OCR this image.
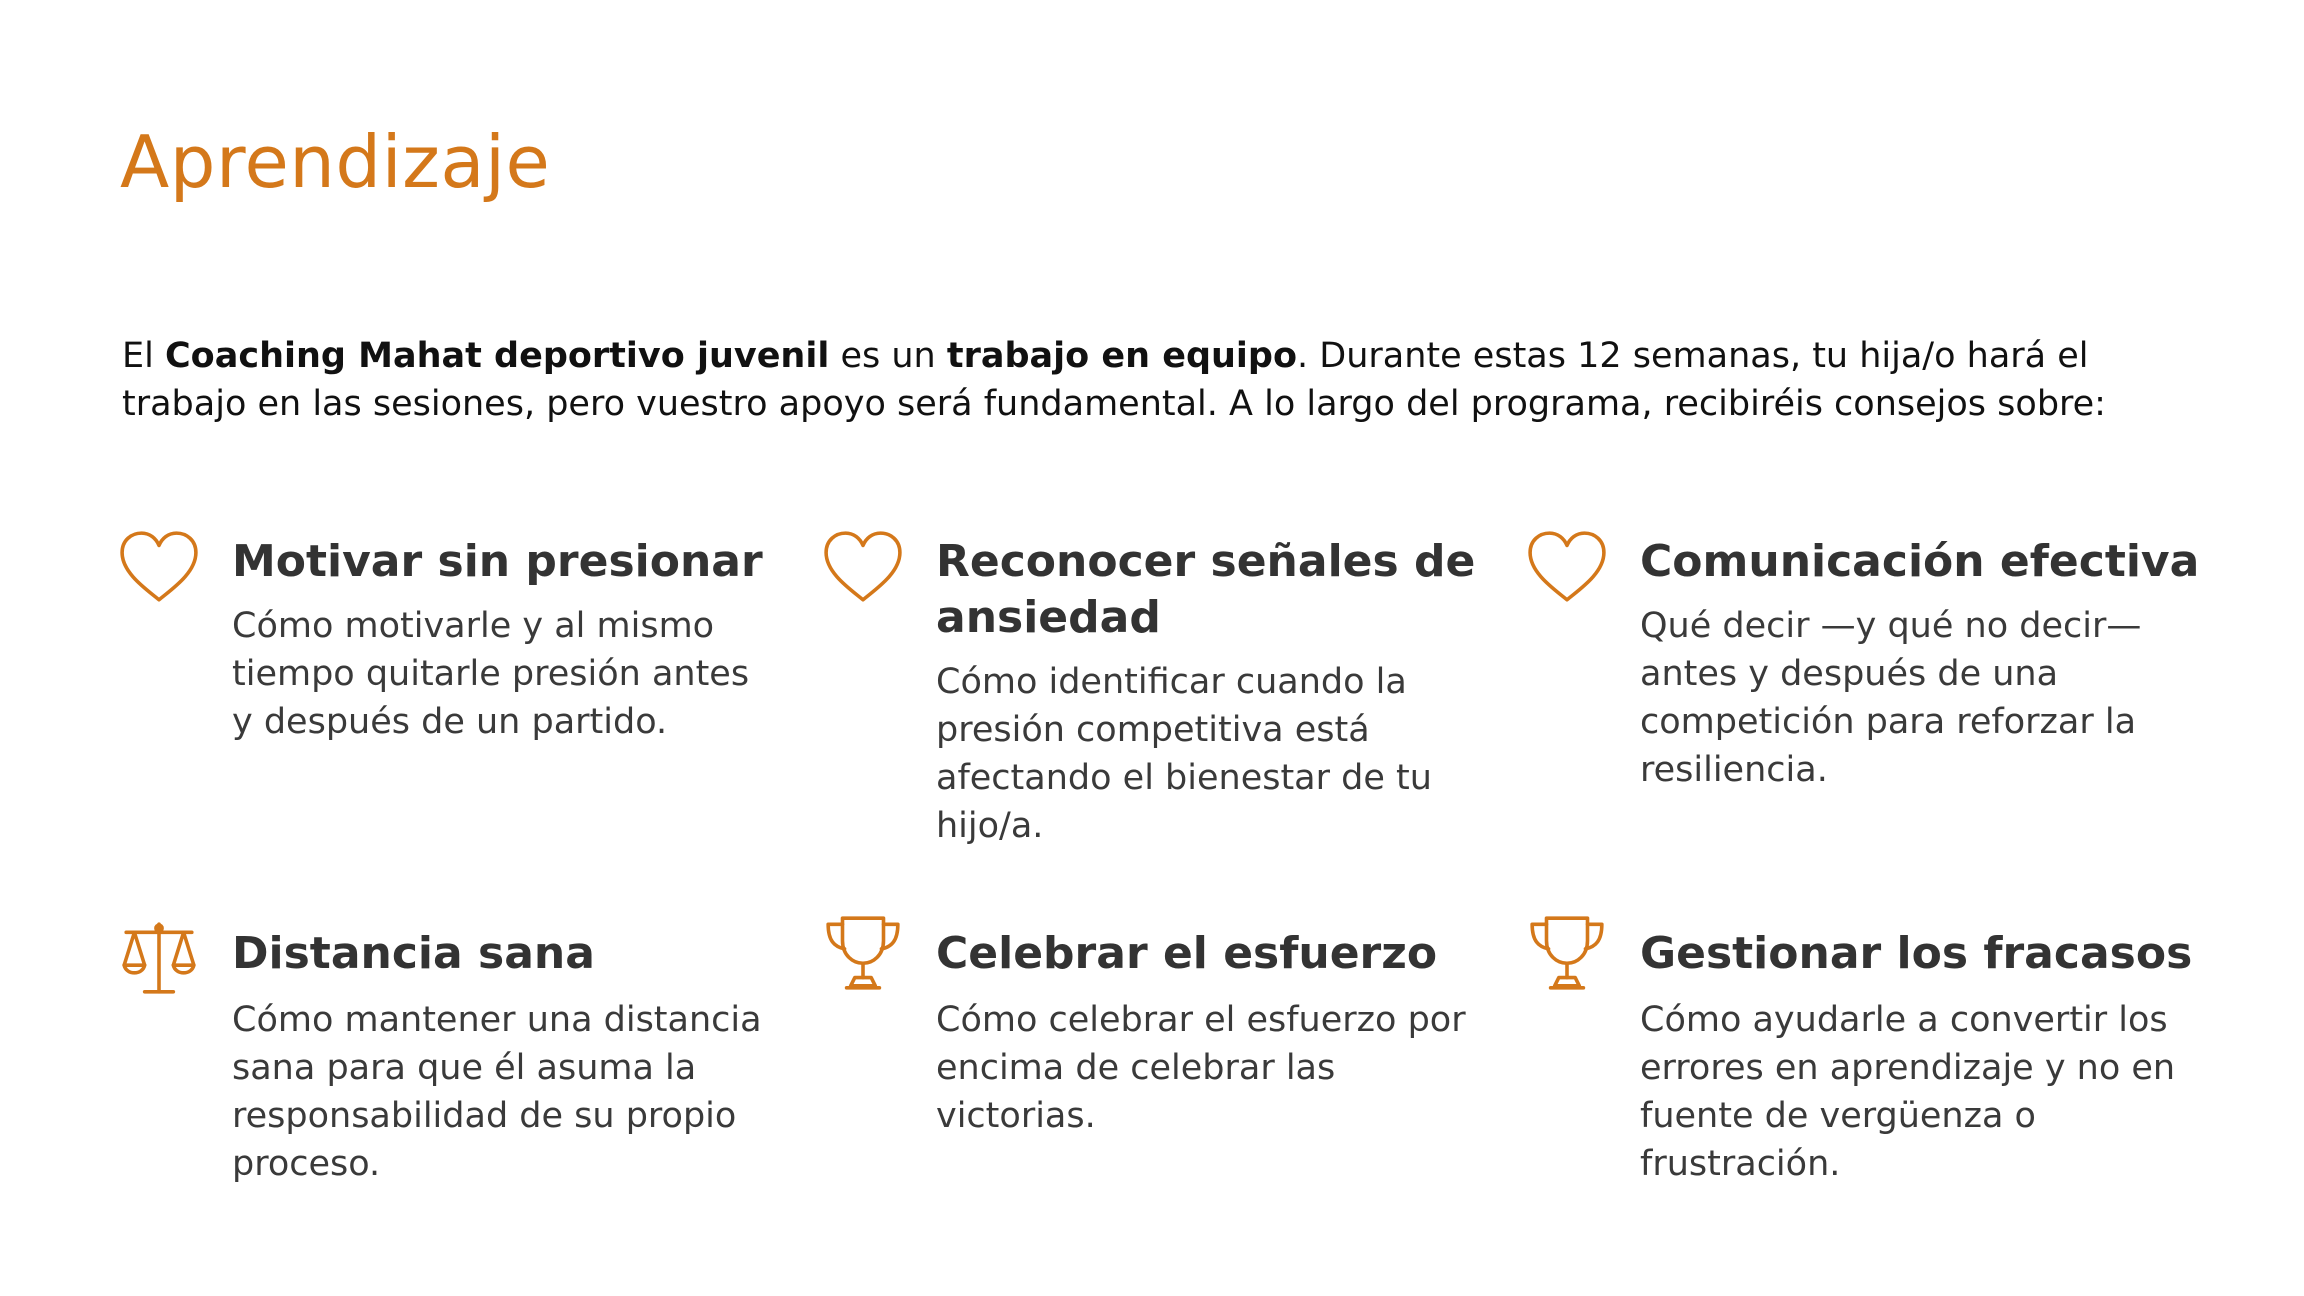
Aprendizaje

El Coaching Mahat deportivo juvenil es un trabajo en equipo. Durante estas 12 semanas, tu hija/o hará el trabajo en las sesiones, pero vuestro apoyo será fundamental. A lo largo del programa, recibiréis consejos sobre:

Motivar sin presionar

Cómo motivarle y al mismo tiempo quitarle presión antes y después de un partido.

Reconocer señales de ansiedad

Cómo identificar cuando la presión competitiva está afectando el bienestar de tu hijo/a.

Comunicación efectiva

Qué decir —y qué no decir— antes y después de una competición para reforzar la resiliencia.

Distancia sana

Cómo mantener una distancia sana para que él asuma la responsabilidad de su propio proceso.

Celebrar el esfuerzo

Cómo celebrar el esfuerzo por encima de celebrar las victorias.

Gestionar los fracasos

Cómo ayudarle a convertir los errores en aprendizaje y no en fuente de vergüenza o frustración.
